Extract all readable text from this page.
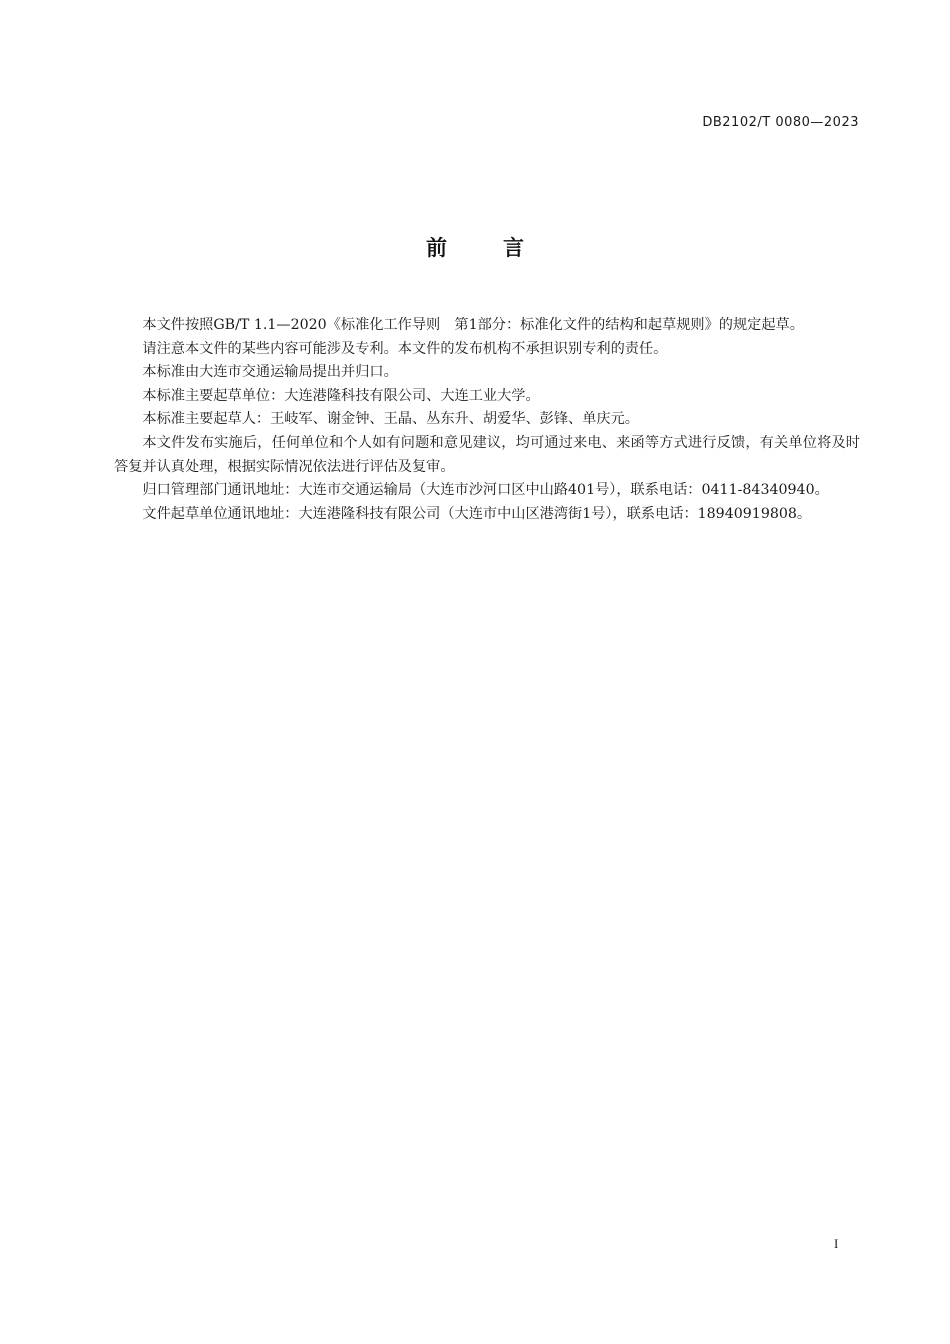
DB2102/T 0080—2023
前言

本文件按照GB/T 1.1—2020《标准化工作导则　第1部分：标准化文件的结构和起草规则》的规定起草。

请注意本文件的某些内容可能涉及专利。本文件的发布机构不承担识别专利的责任。

本标准由大连市交通运输局提出并归口。

本标准主要起草单位：大连港隆科技有限公司、大连工业大学。

本标准主要起草人：王岐军、谢金钟、王晶、丛东升、胡爱华、彭锋、单庆元。

本文件发布实施后，任何单位和个人如有问题和意见建议，均可通过来电、来函等方式进行反馈，有关单位将及时答复并认真处理，根据实际情况依法进行评估及复审。

归口管理部门通讯地址：大连市交通运输局（大连市沙河口区中山路401号），联系电话：0411-84340940。

文件起草单位通讯地址：大连港隆科技有限公司（大连市中山区港湾街1号），联系电话：18940919808。

I
